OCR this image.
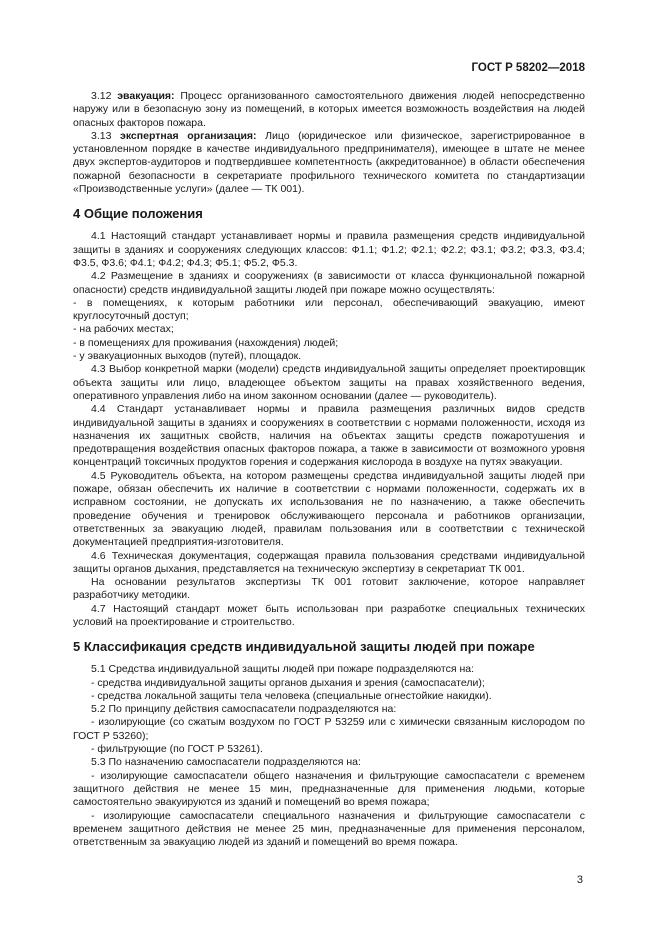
ГОСТ Р 58202—2018

3.12 эвакуация: Процесс организованного самостоятельного движения людей непосредственно наружу или в безопасную зону из помещений, в которых имеется возможность воздействия на людей опасных факторов пожара.

3.13 экспертная организация: Лицо (юридическое или физическое, зарегистрированное в установленном порядке в качестве индивидуального предпринимателя), имеющее в штате не менее двух экспертов-аудиторов и подтвердившее компетентность (аккредитованное) в области обеспечения пожарной безопасности в секретариате профильного технического комитета по стандартизации «Производственные услуги» (далее — ТК 001).

4 Общие положения

4.1 Настоящий стандарт устанавливает нормы и правила размещения средств индивидуальной защиты в зданиях и сооружениях следующих классов: Ф1.1; Ф1.2; Ф2.1; Ф2.2; Ф3.1; Ф3.2; Ф3.3, Ф3.4; Ф3.5, Ф3.6; Ф4.1; Ф4.2; Ф4.3; Ф5.1; Ф5.2, Ф5.3.

4.2 Размещение в зданиях и сооружениях (в зависимости от класса функциональной пожарной опасности) средств индивидуальной защиты людей при пожаре можно осуществлять:

- в помещениях, к которым работники или персонал, обеспечивающий эвакуацию, имеют круглосуточный доступ;

- на рабочих местах;

- в помещениях для проживания (нахождения) людей;

- у эвакуационных выходов (путей), площадок.

4.3 Выбор конкретной марки (модели) средств индивидуальной защиты определяет проектировщик объекта защиты или лицо, владеющее объектом защиты на правах хозяйственного ведения, оперативного управления либо на ином законном основании (далее — руководитель).

4.4 Стандарт устанавливает нормы и правила размещения различных видов средств индивидуальной защиты в зданиях и сооружениях в соответствии с нормами положенности, исходя из назначения их защитных свойств, наличия на объектах защиты средств пожаротушения и предотвращения воздействия опасных факторов пожара, а также в зависимости от возможного уровня концентраций токсичных продуктов горения и содержания кислорода в воздухе на путях эвакуации.

4.5 Руководитель объекта, на котором размещены средства индивидуальной защиты людей при пожаре, обязан обеспечить их наличие в соответствии с нормами положенности, содержать их в исправном состоянии, не допускать их использования не по назначению, а также обеспечить проведение обучения и тренировок обслуживающего персонала и работников организации, ответственных за эвакуацию людей, правилам пользования или в соответствии с технической документацией предприятия-изготовителя.

4.6 Техническая документация, содержащая правила пользования средствами индивидуальной защиты органов дыхания, представляется на техническую экспертизу в секретариат ТК 001.

На основании результатов экспертизы ТК 001 готовит заключение, которое направляет разработчику методики.

4.7 Настоящий стандарт может быть использован при разработке специальных технических условий на проектирование и строительство.

5 Классификация средств индивидуальной защиты людей при пожаре

5.1 Средства индивидуальной защиты людей при пожаре подразделяются на:

- средства индивидуальной защиты органов дыхания и зрения (самоспасатели);

- средства локальной защиты тела человека (специальные огнестойкие накидки).

5.2 По принципу действия самоспасатели подразделяются на:

- изолирующие (со сжатым воздухом по ГОСТ Р 53259 или с химически связанным кислородом по ГОСТ Р 53260);

- фильтрующие (по ГОСТ Р 53261).

5.3 По назначению самоспасатели подразделяются на:

- изолирующие самоспасатели общего назначения и фильтрующие самоспасатели с временем защитного действия не менее 15 мин, предназначенные для применения людьми, которые самостоятельно эвакуируются из зданий и помещений во время пожара;

- изолирующие самоспасатели специального назначения и фильтрующие самоспасатели с временем защитного действия не менее 25 мин, предназначенные для применения персоналом, ответственным за эвакуацию людей из зданий и помещений во время пожара.

3
